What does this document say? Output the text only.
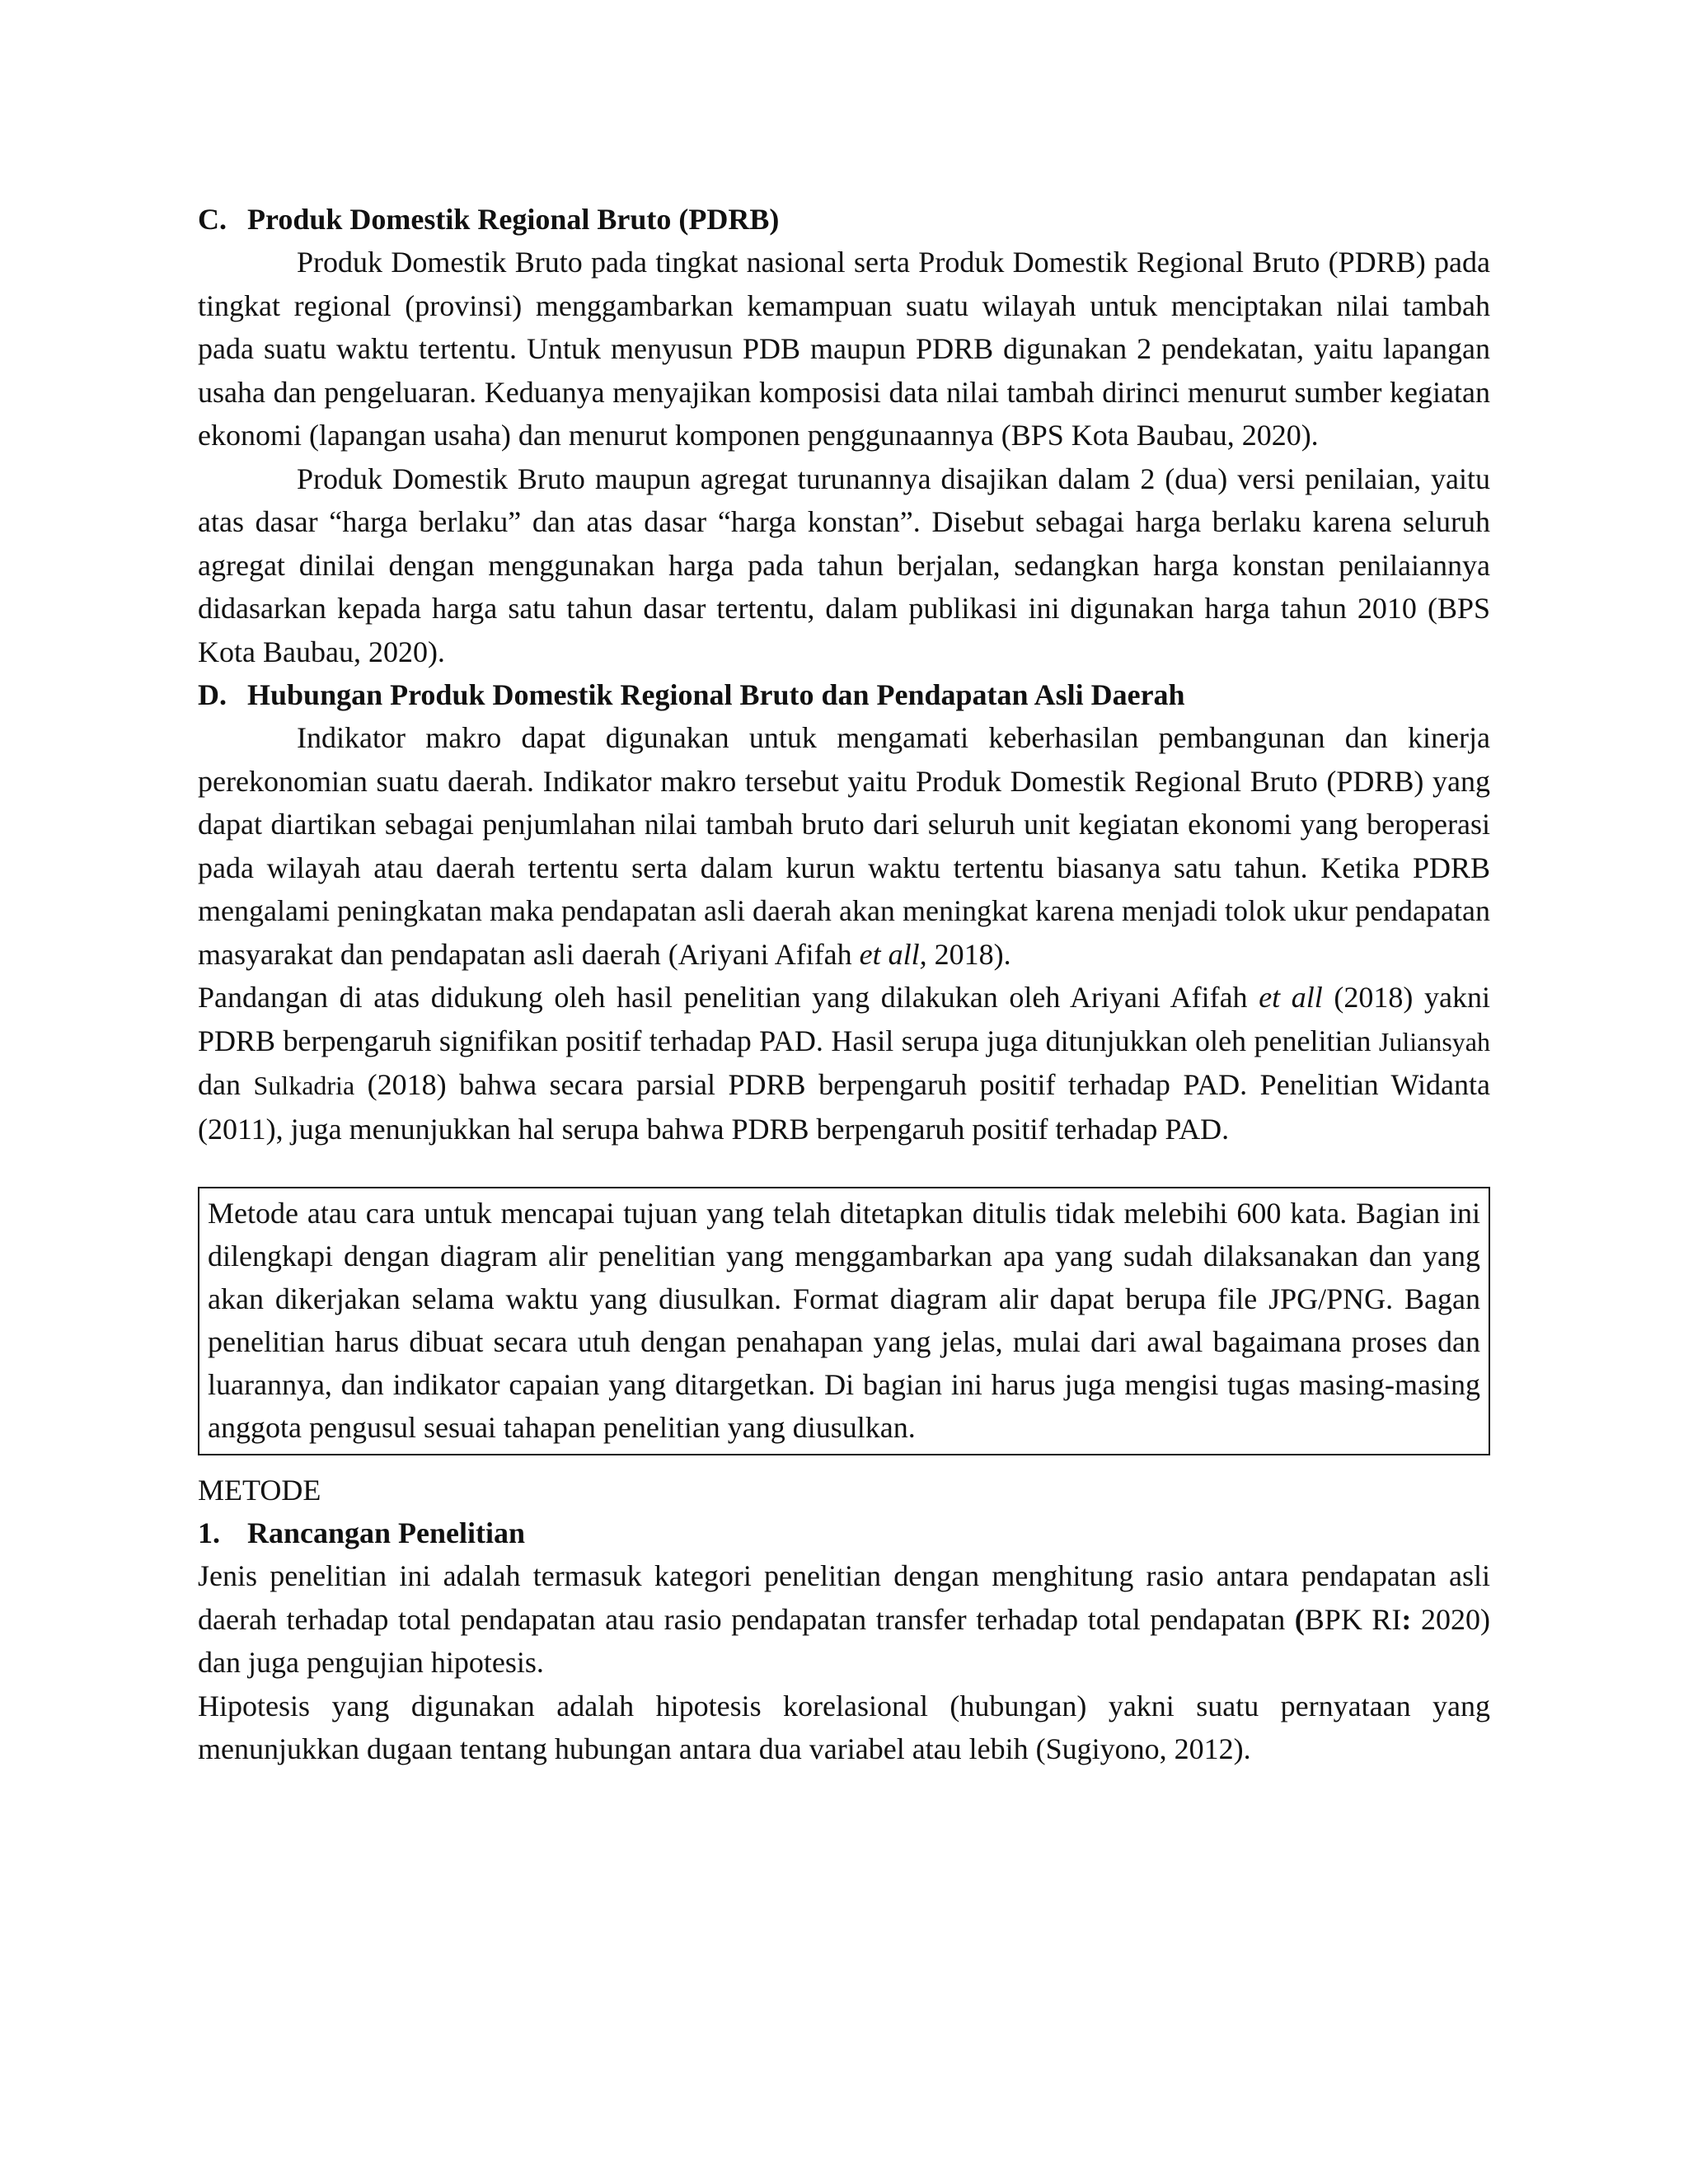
C. Produk Domestik Regional Bruto (PDRB)

Produk Domestik Bruto pada tingkat nasional serta Produk Domestik Regional Bruto (PDRB) pada tingkat regional (provinsi) menggambarkan kemampuan suatu wilayah untuk menciptakan nilai tambah pada suatu waktu tertentu. Untuk menyusun PDB maupun PDRB digunakan 2 pendekatan, yaitu lapangan usaha dan pengeluaran. Keduanya menyajikan komposisi data nilai tambah dirinci menurut sumber kegiatan ekonomi (lapangan usaha) dan menurut komponen penggunaannya (BPS Kota Baubau, 2020).

Produk Domestik Bruto maupun agregat turunannya disajikan dalam 2 (dua) versi penilaian, yaitu atas dasar “harga berlaku” dan atas dasar “harga konstan”. Disebut sebagai harga berlaku karena seluruh agregat dinilai dengan menggunakan harga pada tahun berjalan, sedangkan harga konstan penilaiannya didasarkan kepada harga satu tahun dasar tertentu, dalam publikasi ini digunakan harga tahun 2010 (BPS Kota Baubau, 2020).

D. Hubungan Produk Domestik Regional Bruto dan Pendapatan Asli Daerah

Indikator makro dapat digunakan untuk mengamati keberhasilan pembangunan dan kinerja perekonomian suatu daerah. Indikator makro tersebut yaitu Produk Domestik Regional Bruto (PDRB) yang dapat diartikan sebagai penjumlahan nilai tambah bruto dari seluruh unit kegiatan ekonomi yang beroperasi pada wilayah atau daerah tertentu serta dalam kurun waktu tertentu biasanya satu tahun. Ketika PDRB mengalami peningkatan maka pendapatan asli daerah akan meningkat karena menjadi tolok ukur pendapatan masyarakat dan pendapatan asli daerah (Ariyani Afifah et all, 2018).

Pandangan di atas didukung oleh hasil penelitian yang dilakukan oleh Ariyani Afifah et all (2018) yakni PDRB berpengaruh signifikan positif terhadap PAD. Hasil serupa juga ditunjukkan oleh penelitian Juliansyah dan Sulkadria (2018) bahwa secara parsial PDRB berpengaruh positif terhadap PAD. Penelitian Widanta (2011), juga menunjukkan hal serupa bahwa PDRB berpengaruh positif terhadap PAD.

Metode atau cara untuk mencapai tujuan yang telah ditetapkan ditulis tidak melebihi 600 kata. Bagian ini dilengkapi dengan diagram alir penelitian yang menggambarkan apa yang sudah dilaksanakan dan yang akan dikerjakan selama waktu yang diusulkan. Format diagram alir dapat berupa file JPG/PNG. Bagan penelitian harus dibuat secara utuh dengan penahapan yang jelas, mulai dari awal bagaimana proses dan luarannya, dan indikator capaian yang ditargetkan. Di bagian ini harus juga mengisi tugas masing-masing anggota pengusul sesuai tahapan penelitian yang diusulkan.

METODE
1. Rancangan Penelitian

Jenis penelitian ini adalah termasuk kategori penelitian dengan menghitung rasio antara pendapatan asli daerah terhadap total pendapatan atau rasio pendapatan transfer terhadap total pendapatan (BPK RI: 2020) dan juga pengujian hipotesis.

Hipotesis yang digunakan adalah hipotesis korelasional (hubungan) yakni suatu pernyataan yang menunjukkan dugaan tentang hubungan antara dua variabel atau lebih (Sugiyono, 2012).
